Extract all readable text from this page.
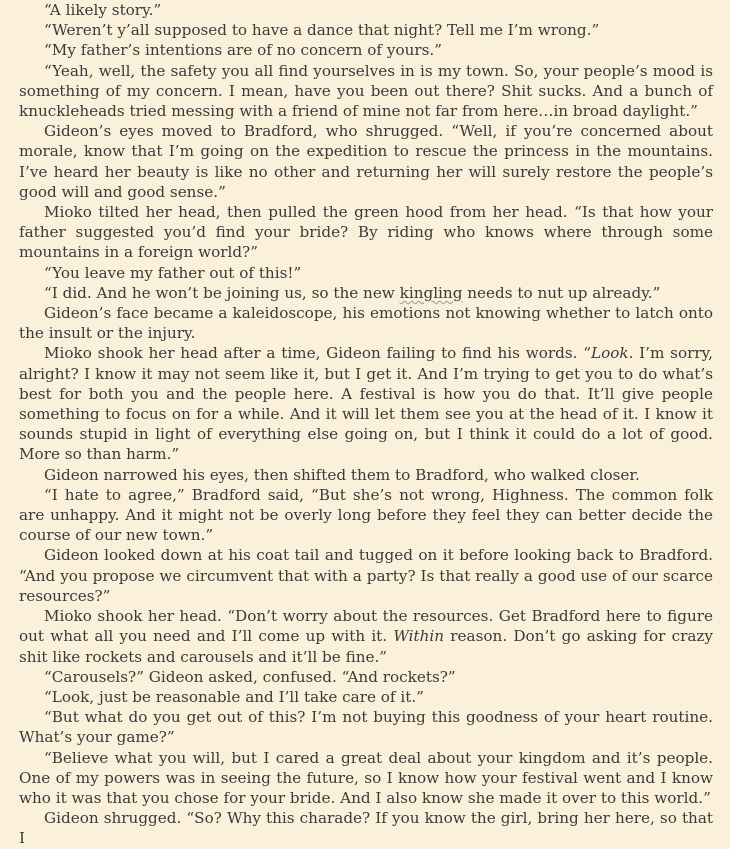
“A likely story.”

“Weren’t y’all supposed to have a dance that night? Tell me I’m wrong.”

“My father’s intentions are of no concern of yours.”

“Yeah, well, the safety you all find yourselves in is my town. So, your people’s mood is something of my concern. I mean, have you been out there? Shit sucks. And a bunch of knuckleheads tried messing with a friend of mine not far from here…in broad daylight.”

Gideon’s eyes moved to Bradford, who shrugged. “Well, if you’re concerned about morale, know that I’m going on the expedition to rescue the princess in the mountains. I’ve heard her beauty is like no other and returning her will surely restore the people’s good will and good sense.”

Mioko tilted her head, then pulled the green hood from her head. “Is that how your father suggested you’d find your bride? By riding who knows where through some mountains in a foreign world?”

“You leave my father out of this!”

“I did. And he won’t be joining us, so the new kingling needs to nut up already.”

Gideon’s face became a kaleidoscope, his emotions not knowing whether to latch onto the insult or the injury.

Mioko shook her head after a time, Gideon failing to find his words. “Look. I’m sorry, alright? I know it may not seem like it, but I get it. And I’m trying to get you to do what’s best for both you and the people here. A festival is how you do that. It’ll give people something to focus on for a while. And it will let them see you at the head of it. I know it sounds stupid in light of everything else going on, but I think it could do a lot of good. More so than harm.”

Gideon narrowed his eyes, then shifted them to Bradford, who walked closer.

“I hate to agree,” Bradford said, “But she’s not wrong, Highness. The common folk are unhappy. And it might not be overly long before they feel they can better decide the course of our new town.”

Gideon looked down at his coat tail and tugged on it before looking back to Bradford. “And you propose we circumvent that with a party? Is that really a good use of our scarce resources?”

Mioko shook her head. “Don’t worry about the resources. Get Bradford here to figure out what all you need and I’ll come up with it. Within reason. Don’t go asking for crazy shit like rockets and carousels and it’ll be fine.”

“Carousels?” Gideon asked, confused. “And rockets?”

“Look, just be reasonable and I’ll take care of it.”

“But what do you get out of this? I’m not buying this goodness of your heart routine. What’s your game?”

“Believe what you will, but I cared a great deal about your kingdom and it’s people. One of my powers was in seeing the future, so I know how your festival went and I know who it was that you chose for your bride. And I also know she made it over to this world.”

Gideon shrugged. “So? Why this charade? If you know the girl, bring her here, so that I
